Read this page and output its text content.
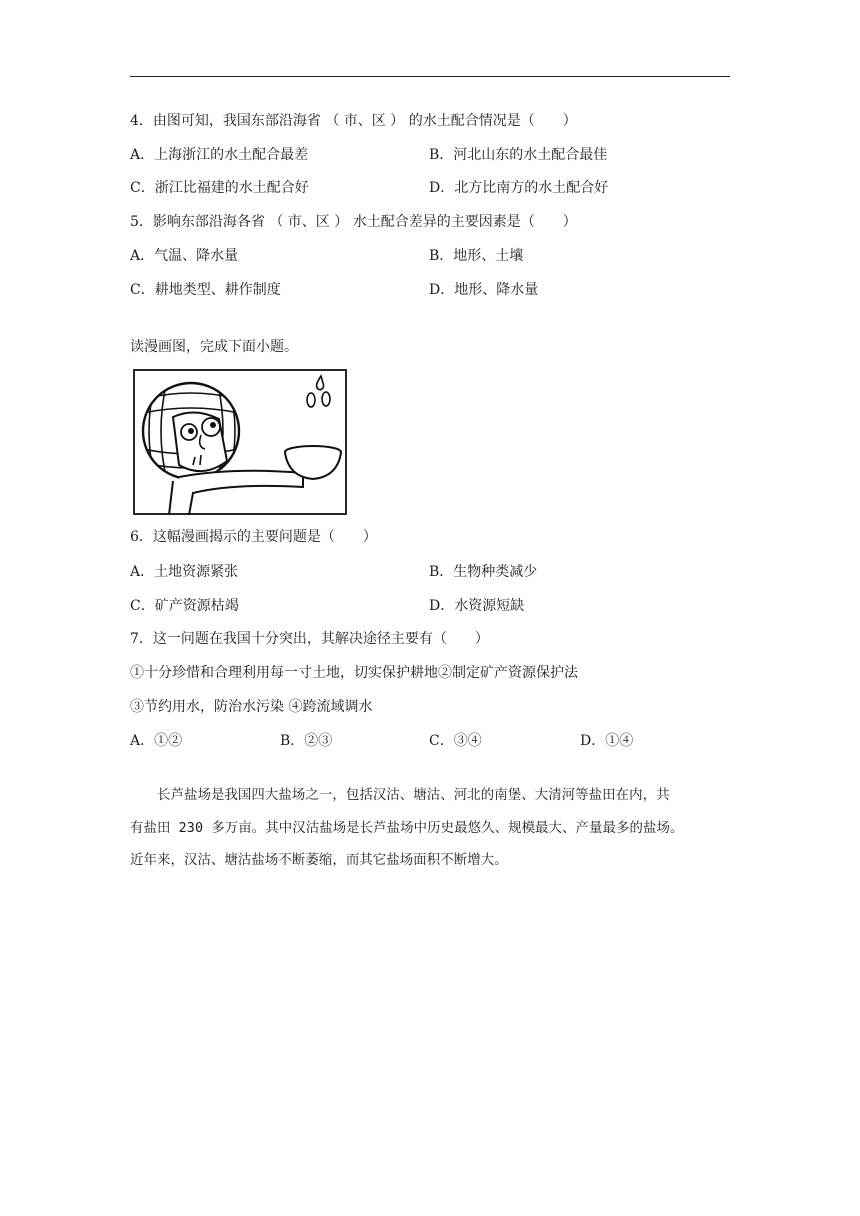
4．由图可知，我国东部沿海省 （ 市、区 ） 的水土配合情况是（　　）
A．上海浙江的水土配合最差	B．河北山东的水土配合最佳
C．浙江比福建的水土配合好	D．北方比南方的水土配合好
5．影响东部沿海各省 （ 市、区 ） 水土配合差异的主要因素是（　　）
A．气温、降水量	B．地形、土壤
C．耕地类型、耕作制度	D．地形、降水量
读漫画图，完成下面小题。
6．这幅漫画揭示的主要问题是（　　）
A．土地资源紧张	B．生物种类减少
C．矿产资源枯竭	D．水资源短缺
7．这一问题在我国十分突出，其解决途径主要有（　　）
①十分珍惜和合理利用每一寸土地，切实保护耕地②制定矿产资源保护法
③节约用水，防治水污染 ④跨流域调水
A．①②	B．②③	C．③④	D．①④

　　长芦盐场是我国四大盐场之一，包括汉沽、塘沽、河北的南堡、大清河等盐田在内，共

有盐田 230 多万亩。其中汉沽盐场是长芦盐场中历史最悠久、规模最大、产量最多的盐场。

近年来，汉沽、塘沽盐场不断萎缩，而其它盐场面积不断增大。
